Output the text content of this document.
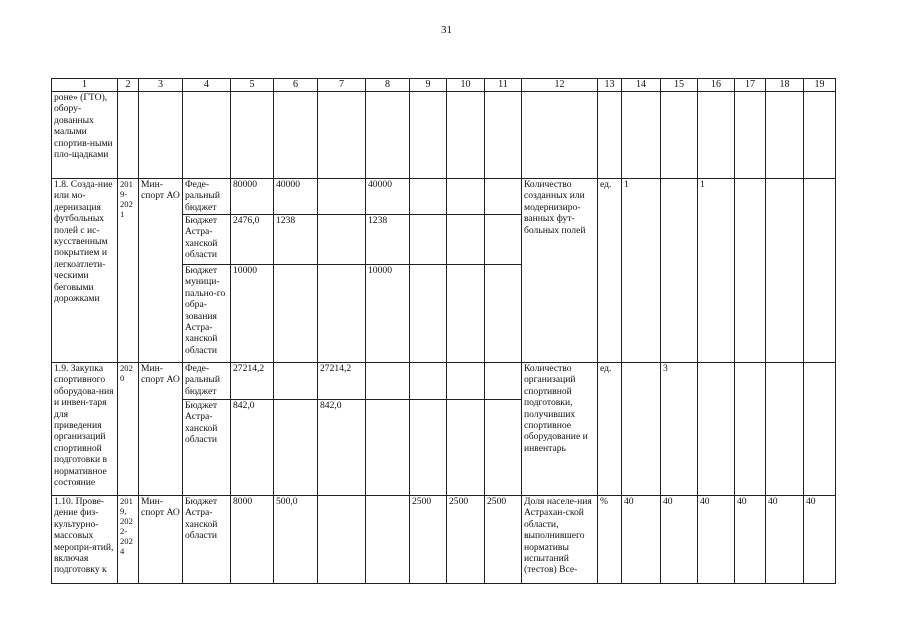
31
1	2	3	4	5	6	7	8	9	10	11	12	13	14	15	16	17	18	19
роне» (ГТО), обору-дованных малыми спортив-ными пло-щадками																		
1.8. Созда-ние или мо-дернизация футбольных полей с ис-кусственным покрытием и легкоатлети-ческими беговыми дорожками	2019-2021	Мин-спорт АО	Феде-ральный бюджет	80000	40000		40000				Количество созданных или модернизиро-ванных фут-больных полей	ед.	1		1			
			Бюджет Астра-ханской области	2476,0	1238		1238											
			Бюджет муници-пально-го обра-зования Астра-ханской области	10000			10000											
1.9. Закупка спортивного оборудова-ния и инвен-таря для приведения организаций спортивной подготовки в нормативное состояние	2020	Мин-спорт АО	Феде-ральный бюджет	27214,2		27214,2					Количество организаций спортивной подготовки, получивших спортивное оборудование и инвентарь	ед.		3				
			Бюджет Астра-ханской области	842,0		842,0												
1.10. Прове-дение физ-культурно-массовых меропри-ятий, включая подготовку к	2019, 2022-2024	Мин-спорт АО	Бюджет Астра-ханской области	8000	500,0			2500	2500	2500	Доля населе-ния Астрахан-ской области, выполнившего нормативы испытаний (тестов) Все-	%	40	40	40	40	40	40
